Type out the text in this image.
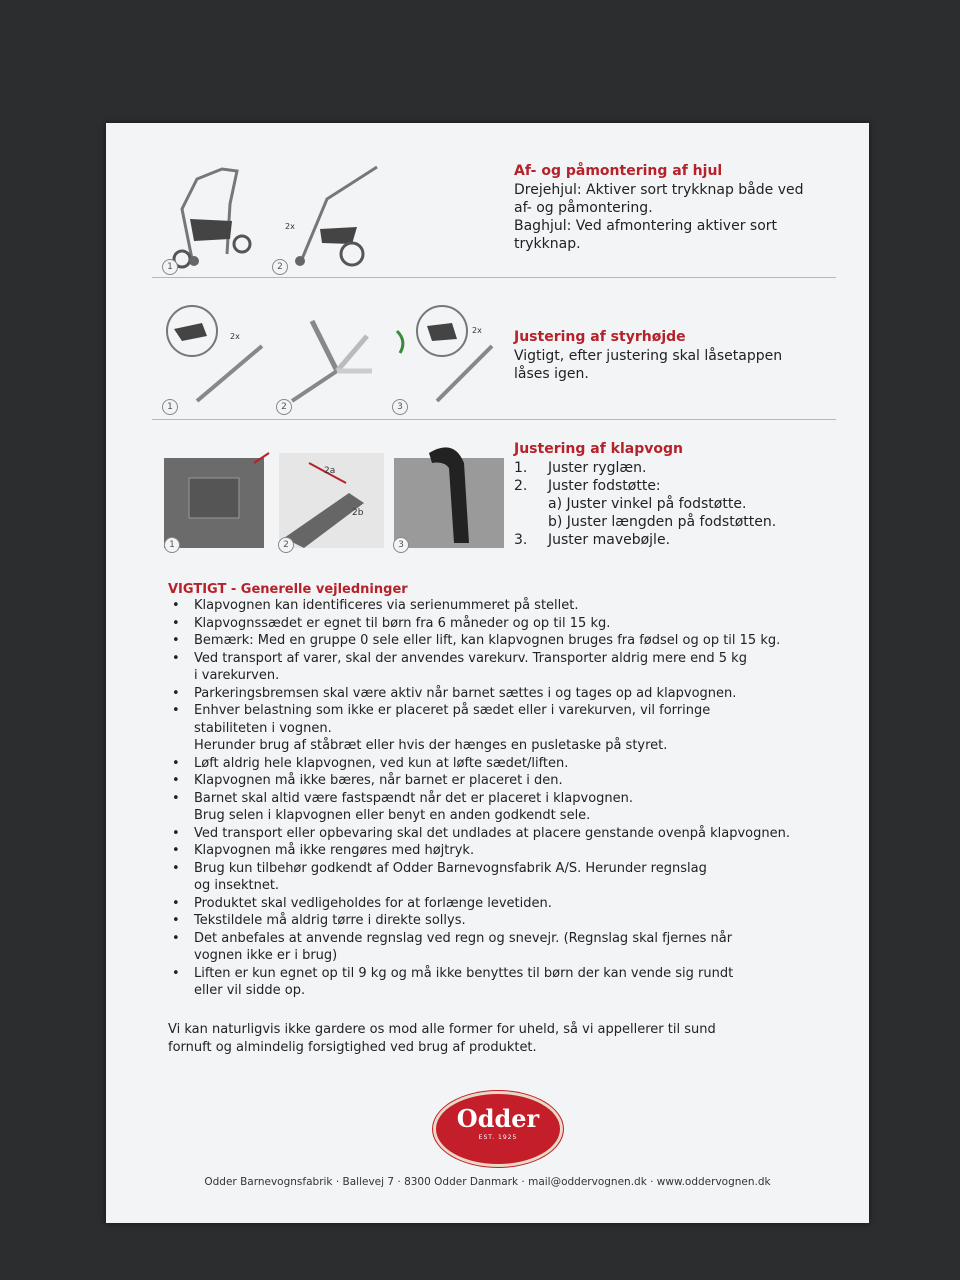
2x
1	2
Af- og påmontering af hjul
Drejehjul: Aktiver sort trykknap både ved
af- og påmontering.
Baghjul: Ved afmontering aktiver sort
trykknap.
2x
2x
1	2	3
Justering af styrhøjde
Vigtigt, efter justering skal låsetappen
låses igen.
2a
2b
1	2	3
Justering af klapvogn
1. Juster ryglæn.
2. Juster fodstøtte:
a) Juster vinkel på fodstøtte.
b) Juster længden på fodstøtten.
3. Juster mavebøjle.
VIGTIGT - Generelle vejledninger
• Klapvognen kan identificeres via serienummeret på stellet.
• Klapvognssædet er egnet til børn fra 6 måneder og op til 15 kg.
• Bemærk: Med en gruppe 0 sele eller lift, kan klapvognen bruges fra fødsel og op til 15 kg.
• Ved transport af varer, skal der anvendes varekurv. Transporter aldrig mere end 5 kg
i varekurven.
• Parkeringsbremsen skal være aktiv når barnet sættes i og tages op ad klapvognen.
• Enhver belastning som ikke er placeret på sædet eller i varekurven, vil forringe
stabiliteten i vognen.
Herunder brug af ståbræt eller hvis der hænges en pusletaske på styret.
• Løft aldrig hele klapvognen, ved kun at løfte sædet/liften.
• Klapvognen må ikke bæres, når barnet er placeret i den.
• Barnet skal altid være fastspændt når det er placeret i klapvognen.
Brug selen i klapvognen eller benyt en anden godkendt sele.
• Ved transport eller opbevaring skal det undlades at placere genstande ovenpå klapvognen.
• Klapvognen må ikke rengøres med højtryk.
• Brug kun tilbehør godkendt af Odder Barnevognsfabrik A/S. Herunder regnslag
og insektnet.
• Produktet skal vedligeholdes for at forlænge levetiden.
• Tekstildele må aldrig tørre i direkte sollys.
• Det anbefales at anvende regnslag ved regn og snevejr. (Regnslag skal fjernes når
vognen ikke er i brug)
• Liften er kun egnet op til 9 kg og må ikke benyttes til børn der kan vende sig rundt
eller vil sidde op.
Vi kan naturligvis ikke gardere os mod alle former for uheld, så vi appellerer til sund
fornuft og almindelig forsigtighed ved brug af produktet.
Odder
EST. 1925
Odder Barnevognsfabrik · Ballevej 7 · 8300 Odder Danmark · mail@oddervognen.dk · www.oddervognen.dk
